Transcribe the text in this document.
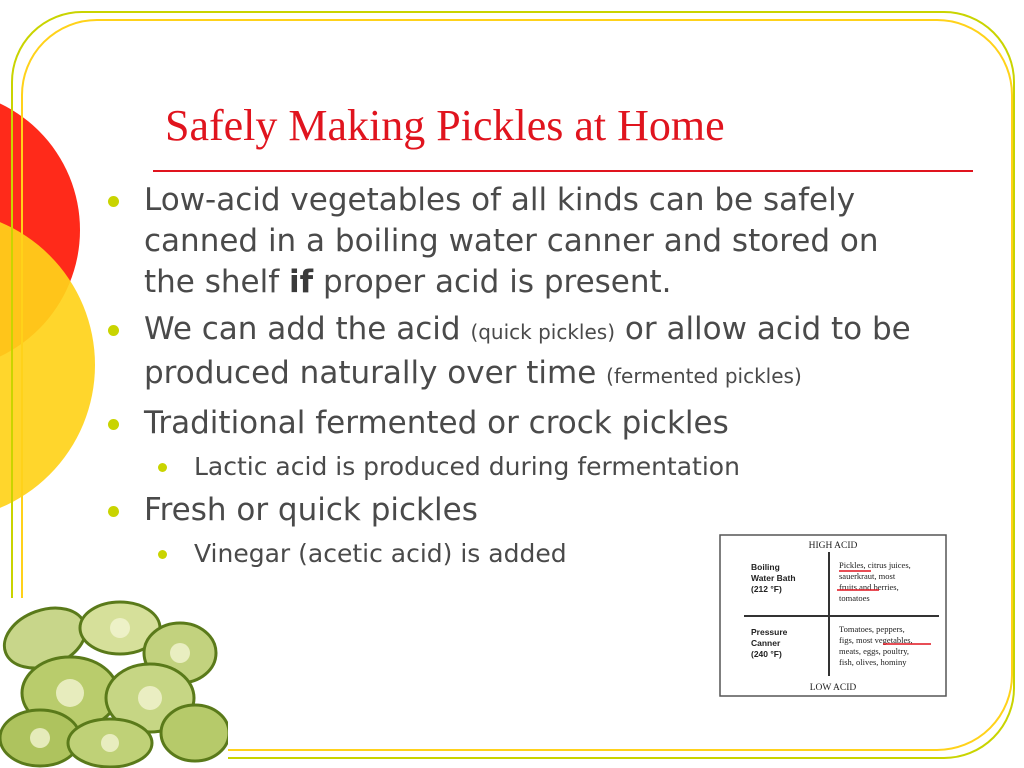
Safely Making Pickles at Home

Low-acid vegetables of all kinds can be safely canned in a boiling water canner and stored on the shelf if proper acid is present.

We can add the acid (quick pickles) or allow acid to be produced naturally over time (fermented pickles)

Traditional fermented or crock pickles

Lactic acid is produced during fermentation

Fresh or quick pickles

Vinegar (acetic acid) is added	HIGH ACID
LOW ACID
Boiling
Water Bath
(212 °F)
Pressure
Canner
(240 °F)
Pickles, citrus juices,
sauerkraut, most
fruits and berries,
tomatoes
Tomatoes, peppers,
figs, most vegetables,
meats, eggs, poultry,
fish, olives, hominy
